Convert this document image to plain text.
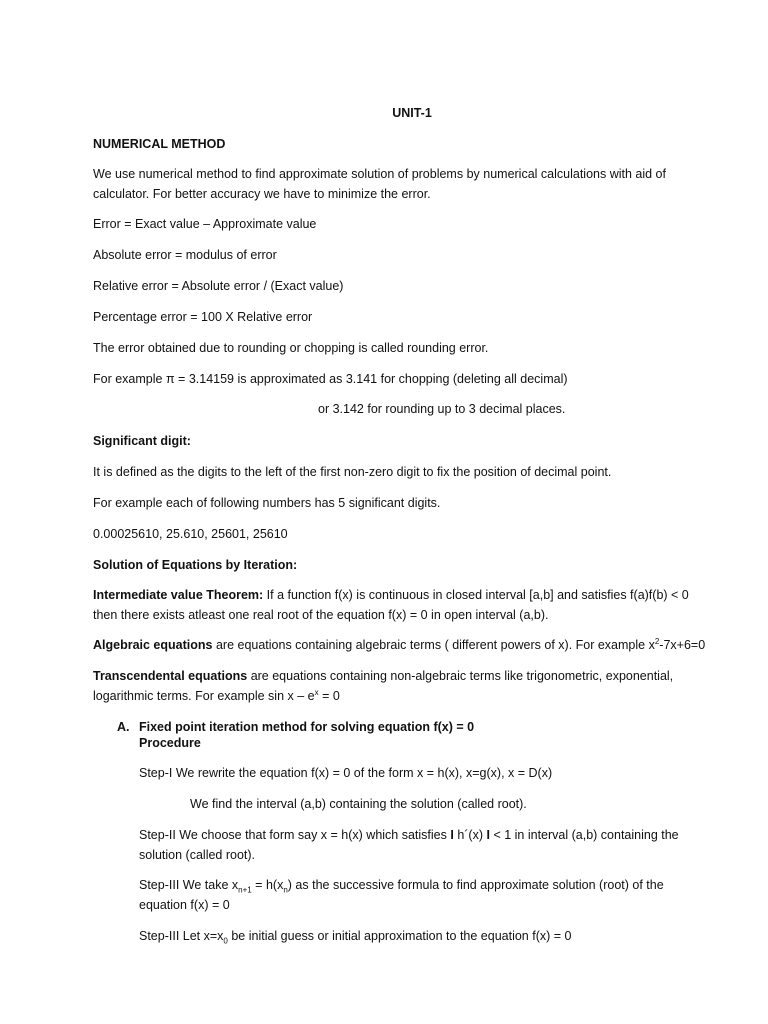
UNIT-1
NUMERICAL METHOD
We use numerical method to find approximate solution of problems by numerical calculations with aid of
calculator. For better accuracy we have to minimize the error.
Error = Exact value – Approximate value
Absolute error = modulus of error
Relative error = Absolute error / (Exact value)
Percentage error = 100 X Relative error
The error obtained due to rounding or chopping is called rounding error.
For example π = 3.14159 is approximated as 3.141 for chopping (deleting all decimal)
or 3.142 for rounding up to 3 decimal places.
Significant digit:
It is defined as the digits to the left of the first non-zero digit to fix the position of decimal point.
For example each of following numbers has 5 significant digits.
0.00025610, 25.610, 25601, 25610
Solution of Equations by Iteration:
Intermediate value Theorem: If a function f(x) is continuous in closed interval [a,b] and satisfies f(a)f(b) < 0
then there exists atleast one real root of the equation f(x) = 0 in open interval (a,b).
Algebraic equations are equations containing algebraic terms ( different powers of x). For example $x^2-7x+6=0$
Transcendental equations are equations containing non-algebraic terms like trigonometric, exponential,
logarithmic terms. For example $\sin x - e^x = 0$
A. Fixed point iteration method for solving equation f(x) = 0
Procedure
Step-I We rewrite the equation f(x) = 0 of the form x = h(x), x=g(x), x = D(x)
We find the interval (a,b) containing the solution (called root).
Step-II We choose that form say x = h(x) which satisfies I h´(x) I < 1 in interval (a,b) containing the
solution (called root).
Step-III We take $x_{n+1} = h(x_n)$ as the successive formula to find approximate solution (root) of the
equation f(x) = 0
Step-III Let $x=x_0$ be initial guess or initial approximation to the equation f(x) = 0
